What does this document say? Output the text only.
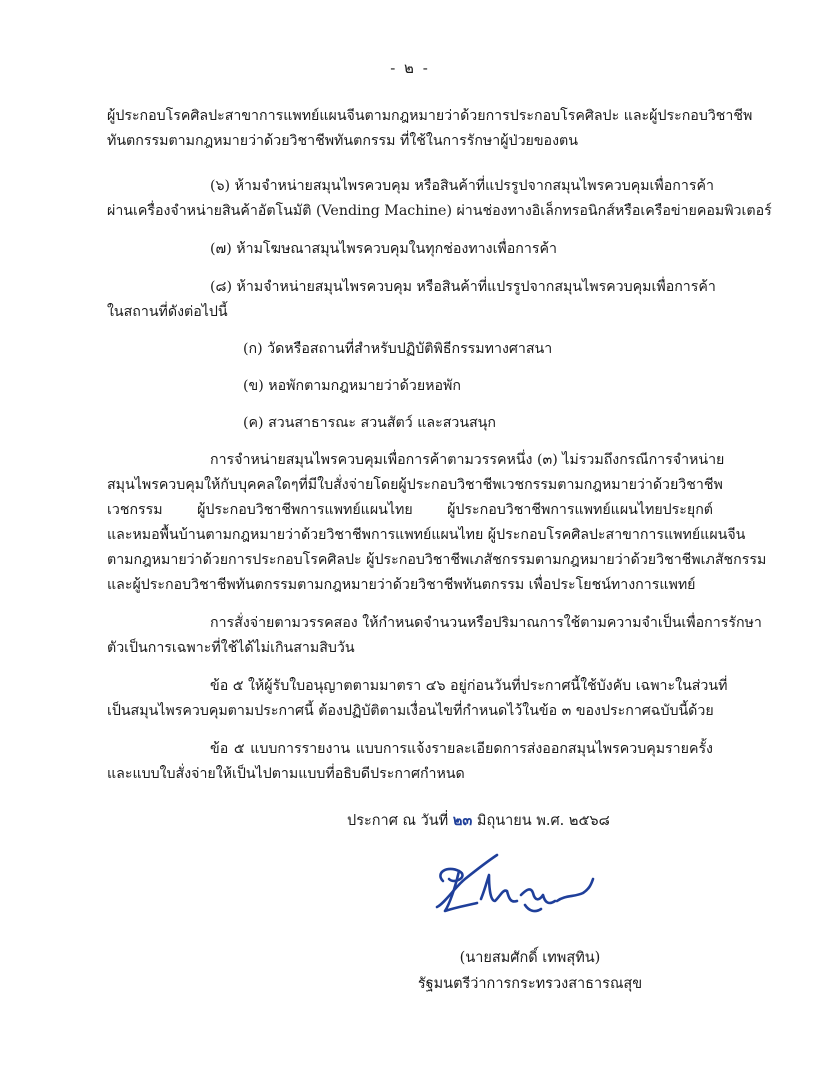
- ๒ -
ผู้ประกอบโรคศิลปะสาขาการแพทย์แผนจีนตามกฎหมายว่าด้วยการประกอบโรคศิลปะ และผู้ประกอบวิชาชีพ
ทันตกรรมตามกฎหมายว่าด้วยวิชาชีพทันตกรรม ที่ใช้ในการรักษาผู้ป่วยของตน
(๖) ห้ามจำหน่ายสมุนไพรควบคุม หรือสินค้าที่แปรรูปจากสมุนไพรควบคุมเพื่อการค้า
ผ่านเครื่องจำหน่ายสินค้าอัตโนมัติ (Vending Machine) ผ่านช่องทางอิเล็กทรอนิกส์หรือเครือข่ายคอมพิวเตอร์
(๗) ห้ามโฆษณาสมุนไพรควบคุมในทุกช่องทางเพื่อการค้า
(๘) ห้ามจำหน่ายสมุนไพรควบคุม หรือสินค้าที่แปรรูปจากสมุนไพรควบคุมเพื่อการค้า
ในสถานที่ดังต่อไปนี้
(ก) วัดหรือสถานที่สำหรับปฏิบัติพิธีกรรมทางศาสนา
(ข) หอพักตามกฎหมายว่าด้วยหอพัก
(ค) สวนสาธารณะ สวนสัตว์ และสวนสนุก
การจำหน่ายสมุนไพรควบคุมเพื่อการค้าตามวรรคหนึ่ง (๓) ไม่รวมถึงกรณีการจำหน่าย
สมุนไพรควบคุมให้กับบุคคลใดๆที่มีใบสั่งจ่ายโดยผู้ประกอบวิชาชีพเวชกรรมตามกฎหมายว่าด้วยวิชาชีพ
เวชกรรม ผู้ประกอบวิชาชีพการแพทย์แผนไทย ผู้ประกอบวิชาชีพการแพทย์แผนไทยประยุกต์
และหมอพื้นบ้านตามกฎหมายว่าด้วยวิชาชีพการแพทย์แผนไทย ผู้ประกอบโรคศิลปะสาขาการแพทย์แผนจีน
ตามกฎหมายว่าด้วยการประกอบโรคศิลปะ ผู้ประกอบวิชาชีพเภสัชกรรมตามกฎหมายว่าด้วยวิชาชีพเภสัชกรรม
และผู้ประกอบวิชาชีพทันตกรรมตามกฎหมายว่าด้วยวิชาชีพทันตกรรม เพื่อประโยชน์ทางการแพทย์
การสั่งจ่ายตามวรรคสอง ให้กำหนดจำนวนหรือปริมาณการใช้ตามความจำเป็นเพื่อการรักษา
ตัวเป็นการเฉพาะที่ใช้ได้ไม่เกินสามสิบวัน
ข้อ ๕ ให้ผู้รับใบอนุญาตตามมาตรา ๔๖ อยู่ก่อนวันที่ประกาศนี้ใช้บังคับ เฉพาะในส่วนที่
เป็นสมุนไพรควบคุมตามประกาศนี้ ต้องปฏิบัติตามเงื่อนไขที่กำหนดไว้ในข้อ ๓ ของประกาศฉบับนี้ด้วย
ข้อ ๕ แบบการรายงาน แบบการแจ้งรายละเอียดการส่งออกสมุนไพรควบคุมรายครั้ง
และแบบใบสั่งจ่ายให้เป็นไปตามแบบที่อธิบดีประกาศกำหนด
ประกาศ ณ วันที่ ๒๓ มิถุนายน พ.ศ. ๒๕๖๘
(นายสมศักดิ์ เทพสุทิน)
รัฐมนตรีว่าการกระทรวงสาธารณสุข
